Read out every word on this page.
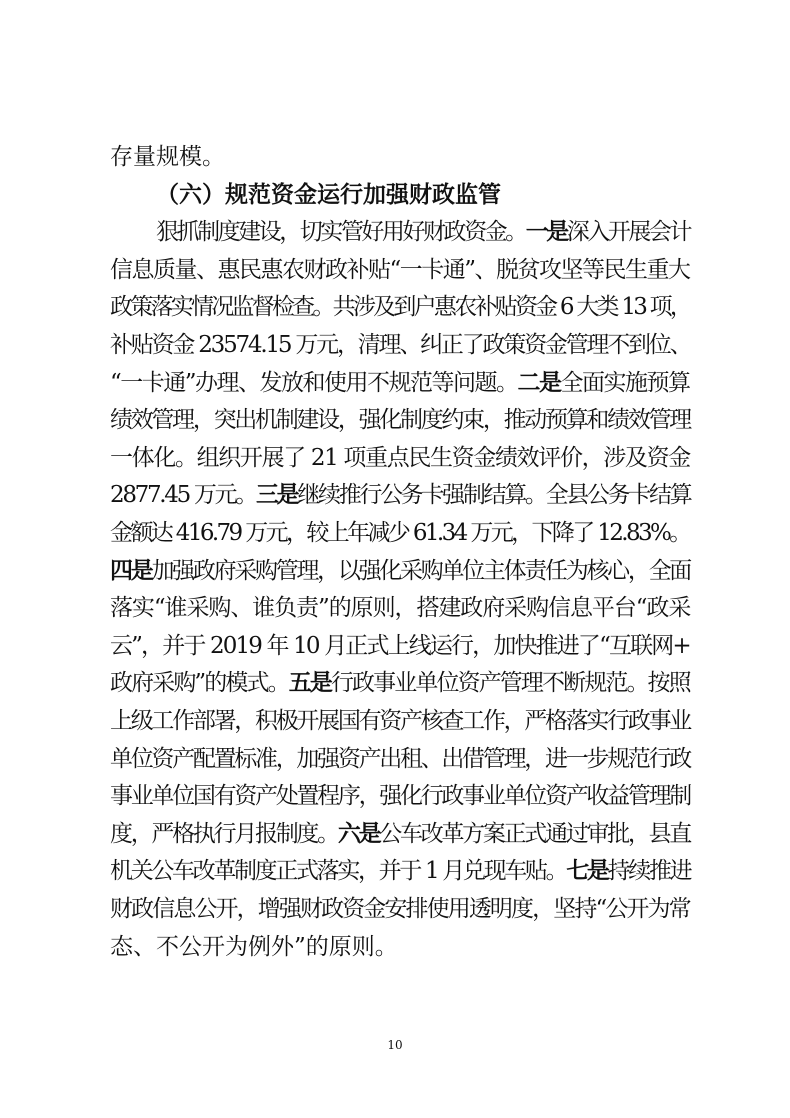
存量规模。
（六）规范资金运行加强财政监管
狠抓制度建设，切实管好用好财政资金。一是深入开展会计
信息质量、惠民惠农财政补贴“一卡通”、脱贫攻坚等民生重大
政策落实情况监督检查。共涉及到户惠农补贴资金 6 大类 13 项，
补贴资金 23574.15 万元，清理、纠正了政策资金管理不到位、
“一卡通”办理、发放和使用不规范等问题。二是全面实施预算
绩效管理，突出机制建设，强化制度约束，推动预算和绩效管理
一体化。组织开展了 21 项重点民生资金绩效评价，涉及资金
2877.45 万元。三是继续推行公务卡强制结算。全县公务卡结算
金额达 416.79 万元，较上年减少 61.34 万元，下降了 12.83%。
四是加强政府采购管理，以强化采购单位主体责任为核心，全面
落实“谁采购、谁负责”的原则，搭建政府采购信息平台“政采
云”，并于 2019 年 10 月正式上线运行，加快推进了“互联网+
政府采购”的模式。五是行政事业单位资产管理不断规范。按照
上级工作部署，积极开展国有资产核查工作，严格落实行政事业
单位资产配置标准，加强资产出租、出借管理，进一步规范行政
事业单位国有资产处置程序，强化行政事业单位资产收益管理制
度，严格执行月报制度。六是公车改革方案正式通过审批，县直
机关公车改革制度正式落实，并于 1 月兑现车贴。七是持续推进
财政信息公开，增强财政资金安排使用透明度，坚持“公开为常
态、不公开为例外”的原则。
10
